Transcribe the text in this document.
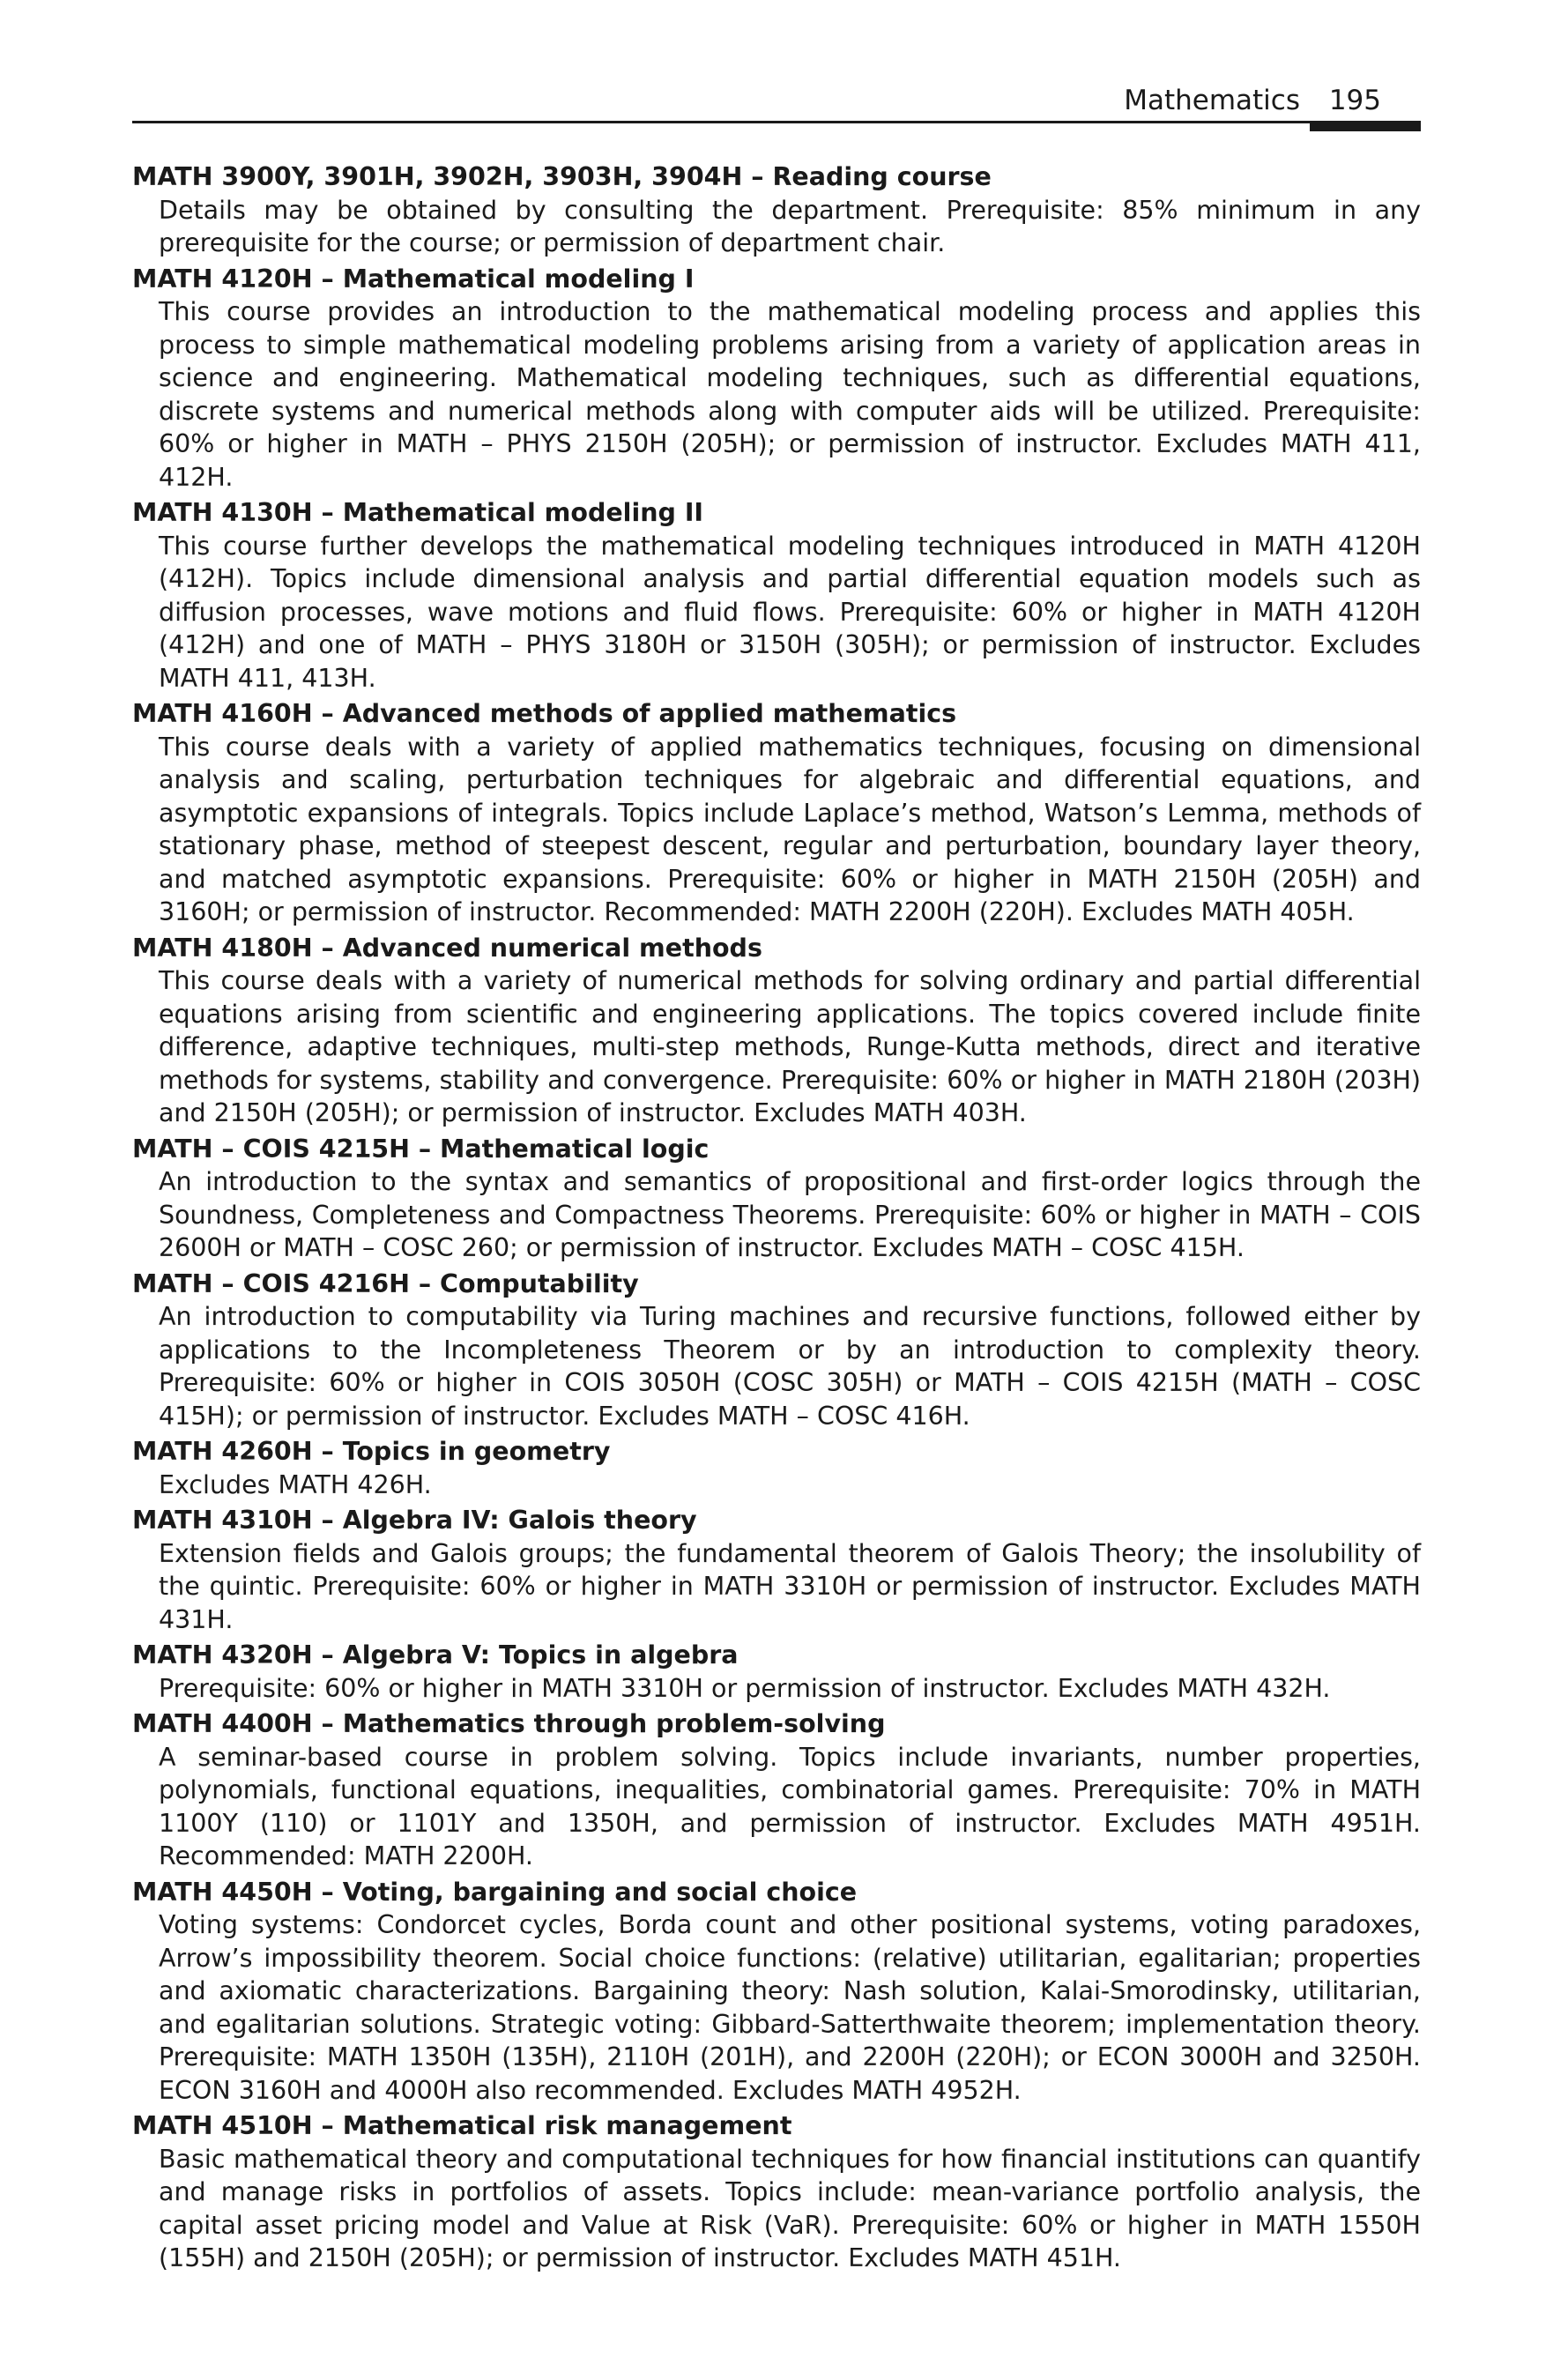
Mathematics 195

MATH 3900Y, 3901H, 3902H, 3903H, 3904H – Reading course

Details may be obtained by consulting the department. Prerequisite: 85% minimum in any prerequisite for the course; or permission of department chair.

MATH 4120H – Mathematical modeling I

This course provides an introduction to the mathematical modeling process and applies this process to simple mathematical modeling problems arising from a variety of application areas in science and engineering. Mathematical modeling techniques, such as differential equations, discrete systems and numerical methods along with computer aids will be utilized. Prerequisite: 60% or higher in MATH – PHYS 2150H (205H); or permission of instructor. Excludes MATH 411, 412H.

MATH 4130H – Mathematical modeling II

This course further develops the mathematical modeling techniques introduced in MATH 4120H (412H). Topics include dimensional analysis and partial differential equation models such as diffusion processes, wave motions and fluid flows. Prerequisite: 60% or higher in MATH 4120H (412H) and one of MATH – PHYS 3180H or 3150H (305H); or permission of instructor. Excludes MATH 411, 413H.

MATH 4160H – Advanced methods of applied mathematics

This course deals with a variety of applied mathematics techniques, focusing on dimensional analysis and scaling, perturbation techniques for algebraic and differential equations, and asymptotic expansions of integrals. Topics include Laplace’s method, Watson’s Lemma, methods of stationary phase, method of steepest descent, regular and perturbation, boundary layer theory, and matched asymptotic expansions. Prerequisite: 60% or higher in MATH 2150H (205H) and 3160H; or permission of instructor. Recommended: MATH 2200H (220H). Excludes MATH 405H.

MATH 4180H – Advanced numerical methods

This course deals with a variety of numerical methods for solving ordinary and partial differential equations arising from scientific and engineering applications. The topics covered include finite difference, adaptive techniques, multi-step methods, Runge-Kutta methods, direct and iterative methods for systems, stability and convergence. Prerequisite: 60% or higher in MATH 2180H (203H) and 2150H (205H); or permission of instructor. Excludes MATH 403H.

MATH – COIS 4215H – Mathematical logic

An introduction to the syntax and semantics of propositional and first-order logics through the Soundness, Completeness and Compactness Theorems. Prerequisite: 60% or higher in MATH – COIS 2600H or MATH – COSC 260; or permission of instructor. Excludes MATH – COSC 415H.

MATH – COIS 4216H – Computability

An introduction to computability via Turing machines and recursive functions, followed either by applications to the Incompleteness Theorem or by an introduction to complexity theory. Prerequisite: 60% or higher in COIS 3050H (COSC 305H) or MATH – COIS 4215H (MATH – COSC 415H); or permission of instructor. Excludes MATH – COSC 416H.

MATH 4260H – Topics in geometry

Excludes MATH 426H.

MATH 4310H – Algebra IV: Galois theory

Extension fields and Galois groups; the fundamental theorem of Galois Theory; the insolubility of the quintic. Prerequisite: 60% or higher in MATH 3310H or permission of instructor. Excludes MATH 431H.

MATH 4320H – Algebra V: Topics in algebra

Prerequisite: 60% or higher in MATH 3310H or permission of instructor. Excludes MATH 432H.

MATH 4400H – Mathematics through problem-solving

A seminar-based course in problem solving. Topics include invariants, number properties, polynomials, functional equations, inequalities, combinatorial games. Prerequisite: 70% in MATH 1100Y (110) or 1101Y and 1350H, and permission of instructor. Excludes MATH 4951H. Recommended: MATH 2200H.

MATH 4450H – Voting, bargaining and social choice

Voting systems: Condorcet cycles, Borda count and other positional systems, voting paradoxes, Arrow’s impossibility theorem. Social choice functions: (relative) utilitarian, egalitarian; properties and axiomatic characterizations. Bargaining theory: Nash solution, Kalai-Smorodinsky, utilitarian, and egalitarian solutions. Strategic voting: Gibbard-Satterthwaite theorem; implementation theory. Prerequisite: MATH 1350H (135H), 2110H (201H), and 2200H (220H); or ECON 3000H and 3250H. ECON 3160H and 4000H also recommended. Excludes MATH 4952H.

MATH 4510H – Mathematical risk management

Basic mathematical theory and computational techniques for how financial institutions can quantify and manage risks in portfolios of assets. Topics include: mean-variance portfolio analysis, the capital asset pricing model and Value at Risk (VaR). Prerequisite: 60% or higher in MATH 1550H (155H) and 2150H (205H); or permission of instructor. Excludes MATH 451H.
